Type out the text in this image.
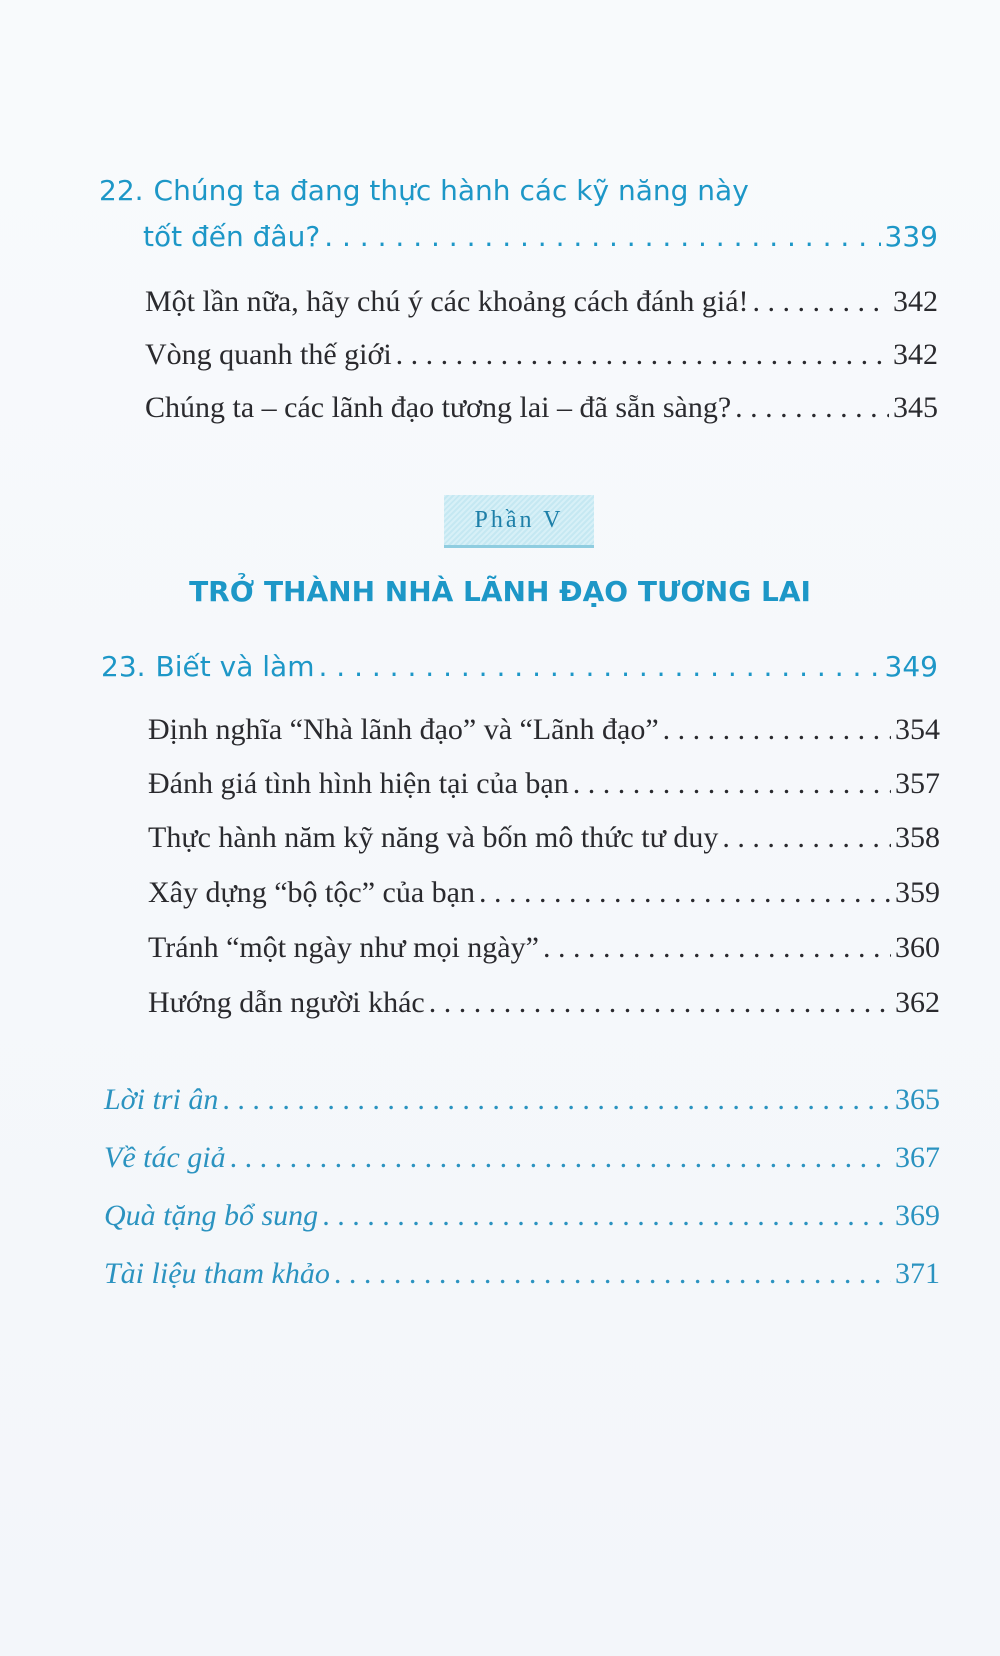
22. Chúng ta đang thực hành các kỹ năng này
tốt đến đâu? . . .	339
Một lần nữa, hãy chú ý các khoảng cách đánh giá! . . .	342
Vòng quanh thế giới . . .	342
Chúng ta – các lãnh đạo tương lai – đã sẵn sàng? . . .	345
Phần V
TRỞ THÀNH NHÀ LÃNH ĐẠO TƯƠNG LAI
23. Biết và làm . . .	349
Định nghĩa “Nhà lãnh đạo” và “Lãnh đạo” . . .	354
Đánh giá tình hình hiện tại của bạn . . .	357
Thực hành năm kỹ năng và bốn mô thức tư duy . . .	358
Xây dựng “bộ tộc” của bạn . . .	359
Tránh “một ngày như mọi ngày” . . .	360
Hướng dẫn người khác . . .	362
Lời tri ân . . .	365
Về tác giả . . .	367
Quà tặng bổ sung . . .	369
Tài liệu tham khảo . . .	371
